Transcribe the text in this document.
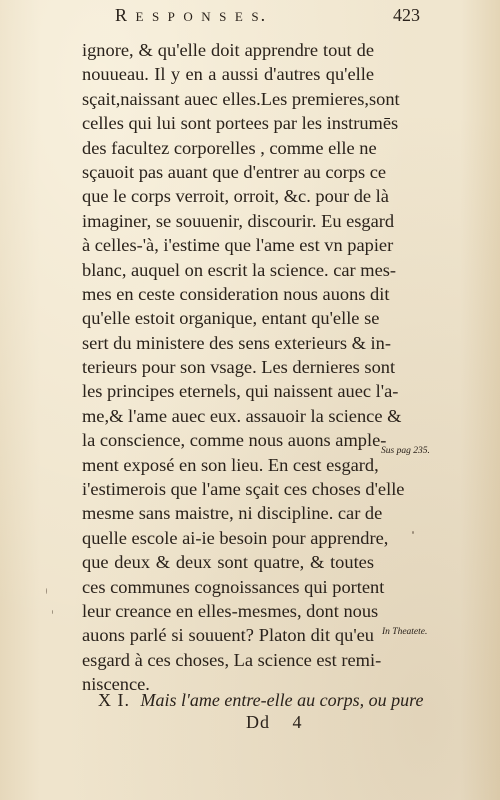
R e s p o n s e s.	423
ignore, & qu'elle doit apprendre tout de
nouueau. Il y en a aussi d'autres qu'elle
sçait,naissant auec elles.Les premieres,sont
celles qui lui sont portees par les instrumēs
des facultez corporelles , comme elle ne
sçauoit pas auant que d'entrer au corps ce
que le corps verroit, orroit, &c. pour de là
imaginer, se souuenir, discourir. Eu esgard
à celles-'à, i'estime que l'ame est vn papier
blanc, auquel on escrit la science. car mes-
mes en ceste consideration nous auons dit
qu'elle estoit organique, entant qu'elle se
sert du ministere des sens exterieurs & in-
terieurs pour son vsage. Les dernieres sont
les principes eternels, qui naissent auec l'a-
me,& l'ame auec eux. assauoir la science &
la conscience, comme nous auons ample-
ment exposé en son lieu. En cest esgard,
i'estimerois que l'ame sçait ces choses d'elle
mesme sans maistre, ni discipline. car de
quelle escole ai-ie besoin pour apprendre,
que deux & deux sont quatre, & toutes
ces communes cognoissances qui portent
leur creance en elles-mesmes, dont nous
auons parlé si souuent? Platon dit qu'eu
esgard à ces choses, La science est remi-
niscence.
Sus pag 235.
In Theatete.
X I. Mais l'ame entre-elle au corps, ou pure
Dd 4
